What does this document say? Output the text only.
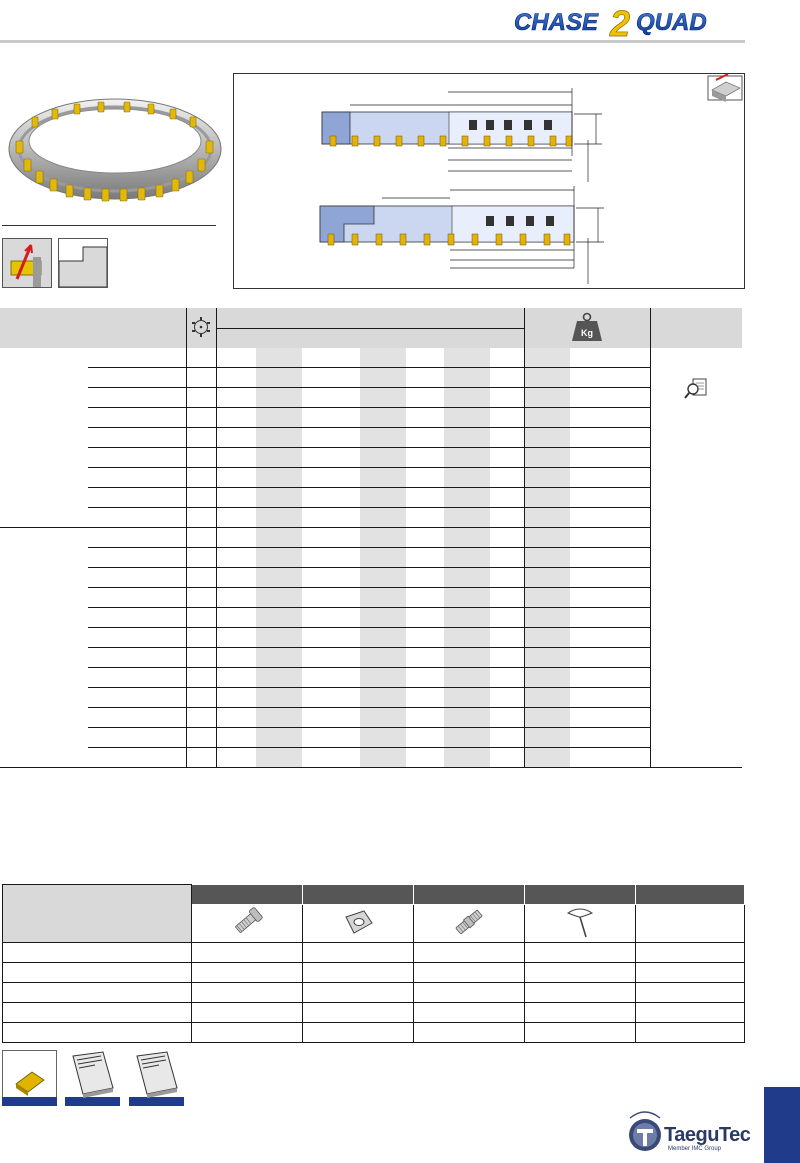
CHASE 2 QUAD

Kg		

TaeguTec
Member IMC Group
